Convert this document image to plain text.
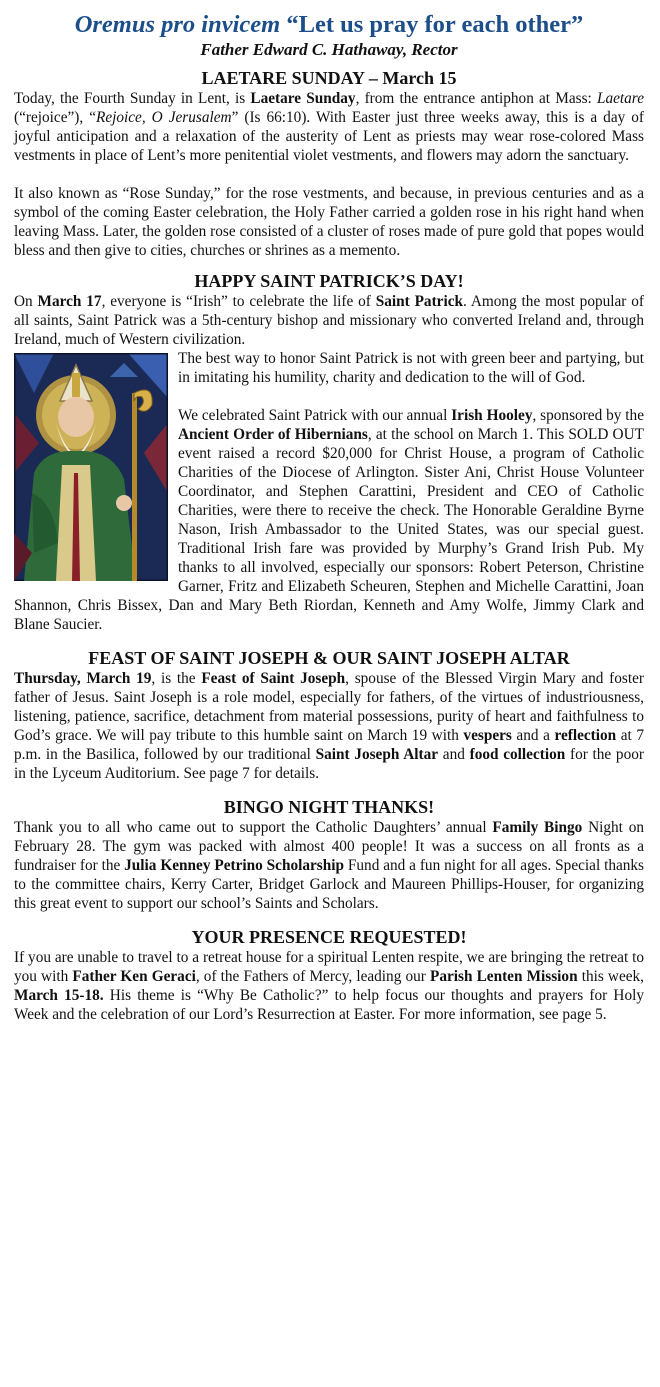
Oremus pro invicem “Let us pray for each other”
Father Edward C. Hathaway, Rector
LAETARE SUNDAY – March 15

Today, the Fourth Sunday in Lent, is Laetare Sunday, from the entrance antiphon at Mass: Laetare (“rejoice”), “Rejoice, O Jerusalem” (Is 66:10). With Easter just three weeks away, this is a day of joyful anticipation and a relaxation of the austerity of Lent as priests may wear rose-colored Mass vestments in place of Lent’s more penitential violet vestments, and flowers may adorn the sanctuary.

It also known as “Rose Sunday,” for the rose vestments, and because, in previous centuries and as a symbol of the coming Easter celebration, the Holy Father carried a golden rose in his right hand when leaving Mass. Later, the golden rose consisted of a cluster of roses made of pure gold that popes would bless and then give to cities, churches or shrines as a memento.

HAPPY SAINT PATRICK’S DAY!

On March 17, everyone is “Irish” to celebrate the life of Saint Patrick. Among the most popular of all saints, Saint Patrick was a 5th-century bishop and missionary who converted Ireland and, through Ireland, much of Western civilization.

The best way to honor Saint Patrick is not with green beer and partying, but in imitating his humility, charity and dedication to the will of God.

We celebrated Saint Patrick with our annual Irish Hooley, sponsored by the Ancient Order of Hibernians, at the school on March 1. This SOLD OUT event raised a record $20,000 for Christ House, a program of Catholic Charities of the Diocese of Arlington. Sister Ani, Christ House Volunteer Coordinator, and Stephen Carattini, President and CEO of Catholic Charities, were there to receive the check. The Honorable Geraldine Byrne Nason, Irish Ambassador to the United States, was our special guest. Traditional Irish fare was provided by Murphy’s Grand Irish Pub. My thanks to all involved, especially our sponsors: Robert Peterson, Christine Garner, Fritz and Elizabeth Scheuren, Stephen and Michelle Carattini, Joan Shannon, Chris Bissex, Dan and Mary Beth Riordan, Kenneth and Amy Wolfe, Jimmy Clark and Blane Saucier.

FEAST OF SAINT JOSEPH & OUR SAINT JOSEPH ALTAR

Thursday, March 19, is the Feast of Saint Joseph, spouse of the Blessed Virgin Mary and foster father of Jesus. Saint Joseph is a role model, especially for fathers, of the virtues of industriousness, listening, patience, sacrifice, detachment from material possessions, purity of heart and faithfulness to God’s grace. We will pay tribute to this humble saint on March 19 with vespers and a reflection at 7 p.m. in the Basilica, followed by our traditional Saint Joseph Altar and food collection for the poor in the Lyceum Auditorium. See page 7 for details.

BINGO NIGHT THANKS!

Thank you to all who came out to support the Catholic Daughters’ annual Family Bingo Night on February 28. The gym was packed with almost 400 people! It was a success on all fronts as a fundraiser for the Julia Kenney Petrino Scholarship Fund and a fun night for all ages. Special thanks to the committee chairs, Kerry Carter, Bridget Garlock and Maureen Phillips-Houser, for organizing this great event to support our school’s Saints and Scholars.

YOUR PRESENCE REQUESTED!

If you are unable to travel to a retreat house for a spiritual Lenten respite, we are bringing the retreat to you with Father Ken Geraci, of the Fathers of Mercy, leading our Parish Lenten Mission this week, March 15-18. His theme is “Why Be Catholic?” to help focus our thoughts and prayers for Holy Week and the celebration of our Lord’s Resurrection at Easter. For more information, see page 5.
